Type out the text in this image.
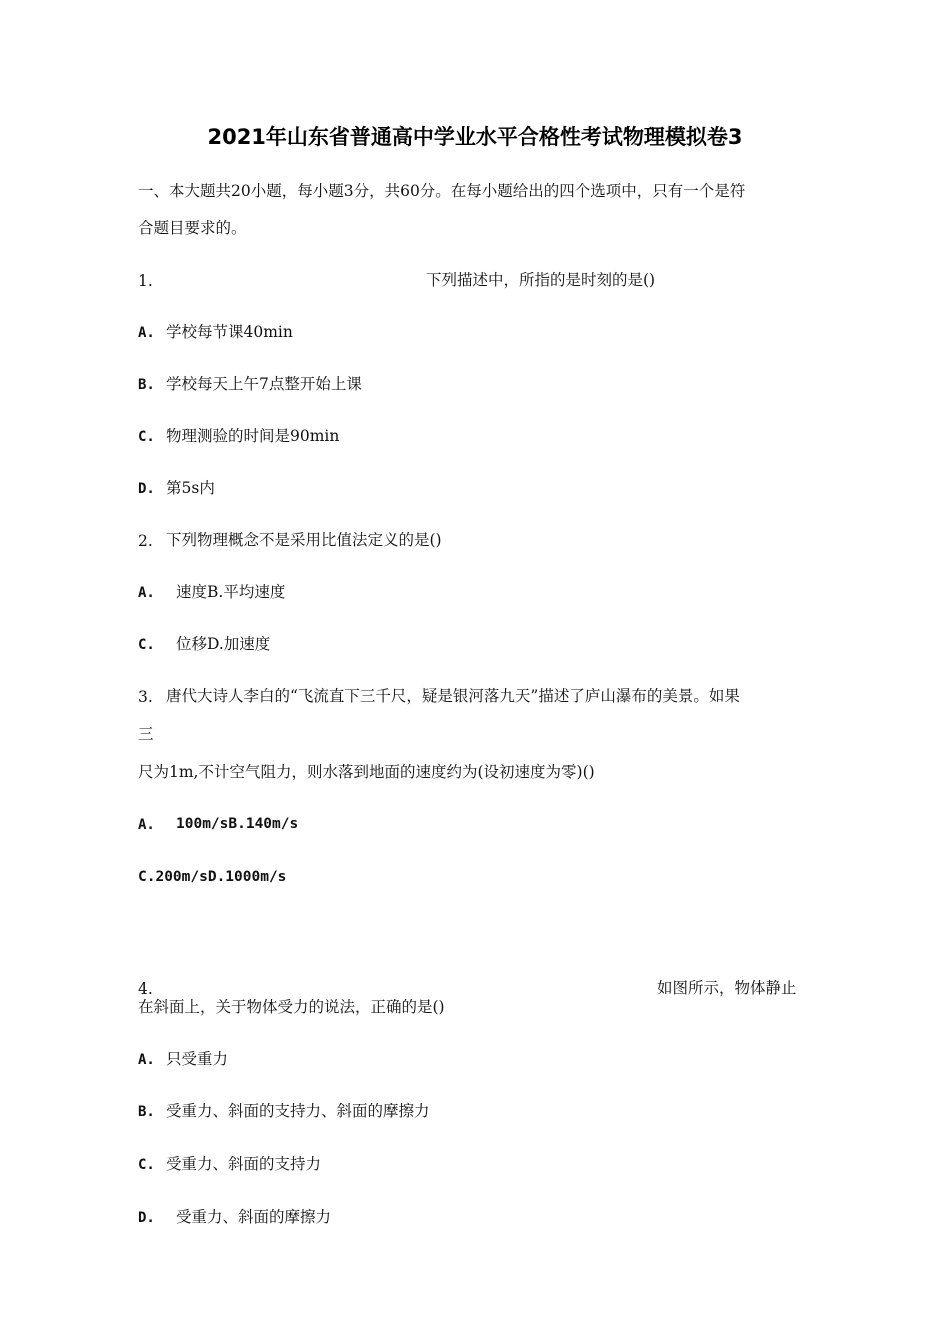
2021年山东省普通高中学业水平合格性考试物理模拟卷3
一、本大题共20小题，每小题3分，共60分。在每小题给出的四个选项中，只有一个是符
合题目要求的。
1.	下列描述中，所指的是时刻的是()
A. 学校每节课40min
B. 学校每天上午7点整开始上课
C. 物理测验的时间是90min
D. 第5s内
2. 下列物理概念不是采用比值法定义的是()
A. 速度B.平均速度
C. 位移D.加速度
3. 唐代大诗人李白的“飞流直下三千尺，疑是银河落九天”描述了庐山瀑布的美景。如果
三
尺为1m,不计空气阻力，则水落到地面的速度约为(设初速度为零)()
A. 100m/sB.140m/s
C.200m/sD.1000m/s
4.	如图所示，物体静止
在斜面上，关于物体受力的说法，正确的是()
A. 只受重力
B. 受重力、斜面的支持力、斜面的摩擦力
C. 受重力、斜面的支持力
D. 受重力、斜面的摩擦力
